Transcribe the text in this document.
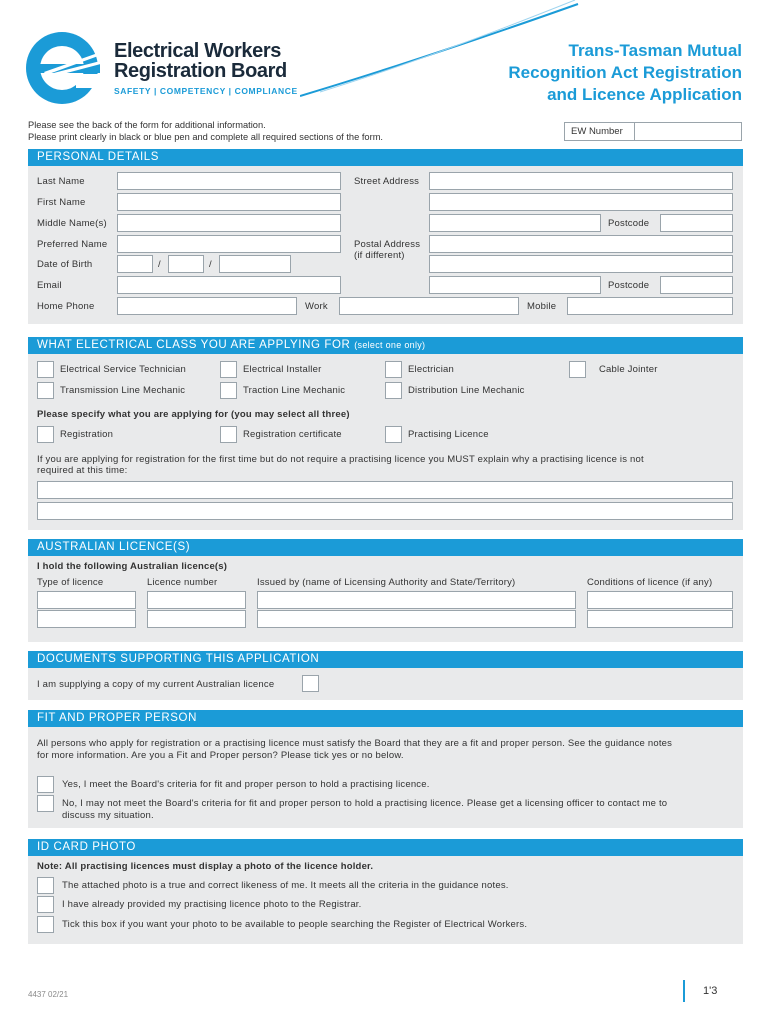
Electrical Workers
Registration Board
SAFETY | COMPETENCY | COMPLIANCE
Trans-Tasman Mutual
Recognition Act Registration
and Licence Application
Please see the back of the form for additional information.
Please print clearly in black or blue pen and complete all required sections of the form.	EW Number
PERSONAL DETAILS
Last Name
First Name
Middle Name(s)
Preferred Name
Date of Birth	/	/
Email
Home Phone	Work	Mobile
Street Address
Postcode
Postal Address
(if different)
Postcode
WHAT ELECTRICAL CLASS YOU ARE APPLYING FOR (select one only)
Electrical Service Technician	Electrical Installer	Electrician	Cable Jointer
Transmission Line Mechanic	Traction Line Mechanic	Distribution Line Mechanic
Please specify what you are applying for (you may select all three)
Registration	Registration certificate	Practising Licence
If you are applying for registration for the first time but do not require a practising licence you MUST explain why a practising licence is not
required at this time:
AUSTRALIAN LICENCE(S)
I hold the following Australian licence(s)
Type of licence	Licence number	Issued by (name of Licensing Authority and State/Territory)	Conditions of licence (if any)
DOCUMENTS SUPPORTING THIS APPLICATION
I am supplying a copy of my current Australian licence
FIT AND PROPER PERSON
All persons who apply for registration or a practising licence must satisfy the Board that they are a fit and proper person. See the guidance notes
for more information. Are you a Fit and Proper person? Please tick yes or no below.
Yes, I meet the Board's criteria for fit and proper person to hold a practising licence.
No, I may not meet the Board's criteria for fit and proper person to hold a practising licence. Please get a licensing officer to contact me to
discuss my situation.
ID CARD PHOTO
Note: All practising licences must display a photo of the licence holder.
The attached photo is a true and correct likeness of me. It meets all the criteria in the guidance notes.
I have already provided my practising licence photo to the Registrar.
Tick this box if you want your photo to be available to people searching the Register of Electrical Workers.
4437 02/21	1'3
